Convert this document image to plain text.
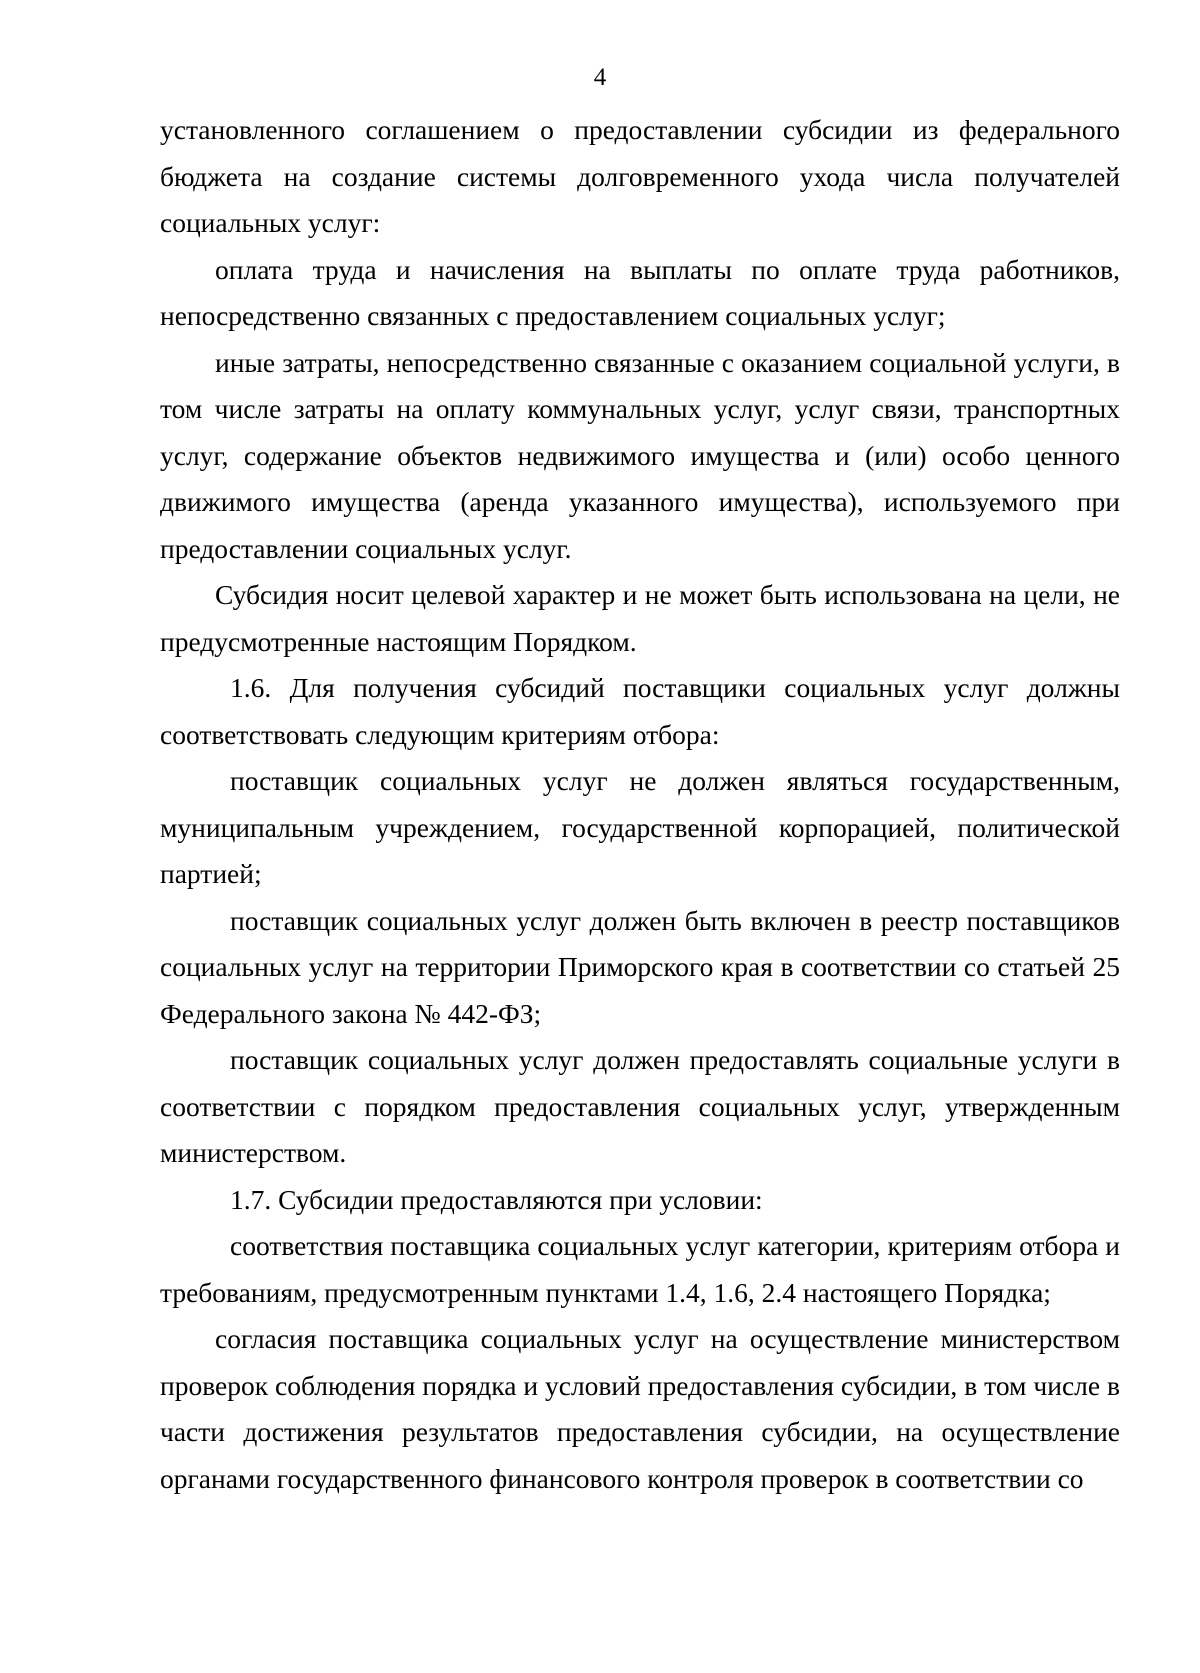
4

установленного соглашением о предоставлении субсидии из федерального бюджета на создание системы долговременного ухода числа получателей социальных услуг:

оплата труда и начисления на выплаты по оплате труда работников, непосредственно связанных с предоставлением социальных услуг;

иные затраты, непосредственно связанные с оказанием социальной услуги, в том числе затраты на оплату коммунальных услуг, услуг связи, транспортных услуг, содержание объектов недвижимого имущества и (или) особо ценного движимого имущества (аренда указанного имущества), используемого при предоставлении социальных услуг.

Субсидия носит целевой характер и не может быть использована на цели, не предусмотренные настоящим Порядком.

1.6. Для получения субсидий поставщики социальных услуг должны соответствовать следующим критериям отбора:

поставщик социальных услуг не должен являться государственным, муниципальным учреждением, государственной корпорацией, политической партией;

поставщик социальных услуг должен быть включен в реестр поставщиков социальных услуг на территории Приморского края в соответствии со статьей 25 Федерального закона № 442-ФЗ;

поставщик социальных услуг должен предоставлять социальные услуги в соответствии с порядком предоставления социальных услуг, утвержденным министерством.

1.7. Субсидии предоставляются при условии:

соответствия поставщика социальных услуг категории, критериям отбора и требованиям, предусмотренным пунктами 1.4, 1.6, 2.4 настоящего Порядка;

согласия поставщика социальных услуг на осуществление министерством проверок соблюдения порядка и условий предоставления субсидии, в том числе в части достижения результатов предоставления субсидии, на осуществление органами государственного финансового контроля проверок в соответствии со
